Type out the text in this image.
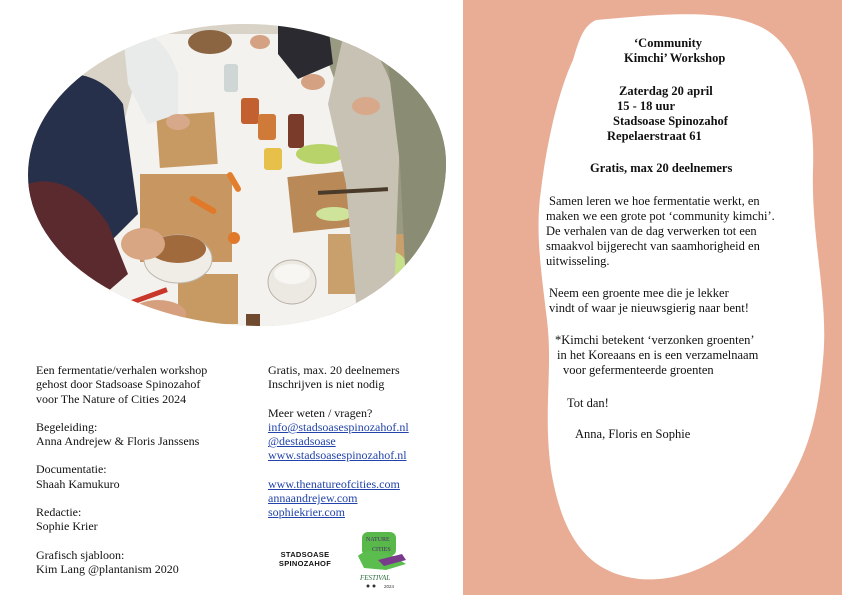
Een fermentatie/verhalen workshop
gehost door Stadsoase Spinozahof
voor The Nature of Cities 2024

Begeleiding:
Anna Andrejew & Floris Janssens

Documentatie:
Shaah Kamukuro

Redactie:
Sophie Krier

Grafisch sjabloon:
Kim Lang @plantanism 2020

Gratis, max. 20 deelnemers
Inschrijven is niet nodig

Meer weten / vragen?
info@stadsoasespinozahof.nl
@destadsoase
www.stadsoasespinozahof.nl

www.thenatureofcities.com
annaandrejew.com
sophiekrier.com

STADSOASE
SPINOZAHOF
NATURE
CITIES
FESTIVAL
2024
‘Community
Kimchi’ Workshop
Zaterdag 20 april
15 - 18 uur
Stadsoase Spinozahof
Repelaerstraat 61
Gratis, max 20 deelnemers
Samen leren we hoe fermentatie werkt, en
maken we een grote pot ‘community kimchi’.
De verhalen van de dag verwerken tot een
smaakvol bijgerecht van saamhorigheid en
uitwisseling.
Neem een groente mee die je lekker
vindt of waar je nieuwsgierig naar bent!
*Kimchi betekent ‘verzonken groenten’
in het Koreaans en is een verzamelnaam
voor gefermenteerde groenten
Tot dan!
Anna, Floris en Sophie
